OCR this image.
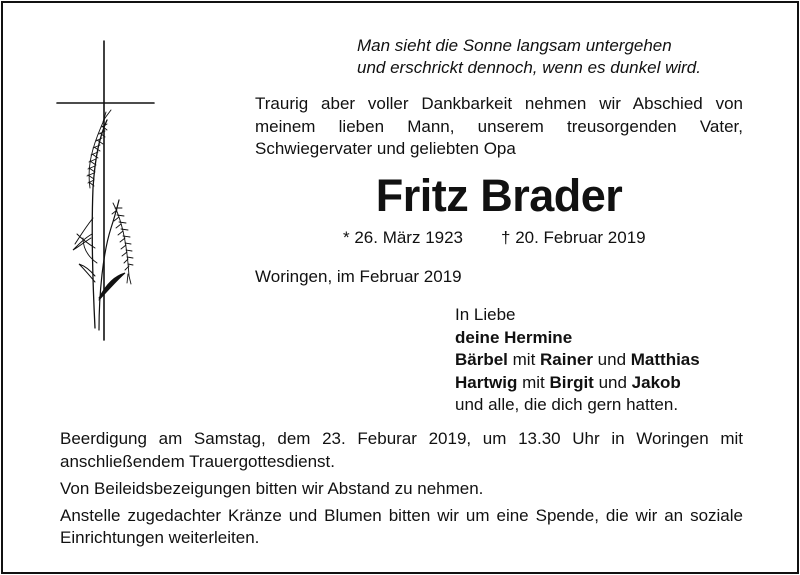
Man sieht die Sonne langsam untergehen
und erschrickt dennoch, wenn es dunkel wird.
Traurig aber voller Dankbarkeit nehmen wir Abschied von meinem lieben Mann, unserem treusorgenden Vater, Schwiegervater und geliebten Opa
Fritz Brader
* 26. März 1923 † 20. Februar 2019
Woringen, im Februar 2019
In Liebe
deine Hermine
Bärbel mit Rainer und Matthias
Hartwig mit Birgit und Jakob
und alle, die dich gern hatten.

Beerdigung am Samstag, dem 23. Feburar 2019, um 13.30 Uhr in Woringen mit anschließendem Trauergottesdienst.

Von Beileidsbezeigungen bitten wir Abstand zu nehmen.

Anstelle zugedachter Kränze und Blumen bitten wir um eine Spende, die wir an soziale Einrichtungen weiterleiten.
